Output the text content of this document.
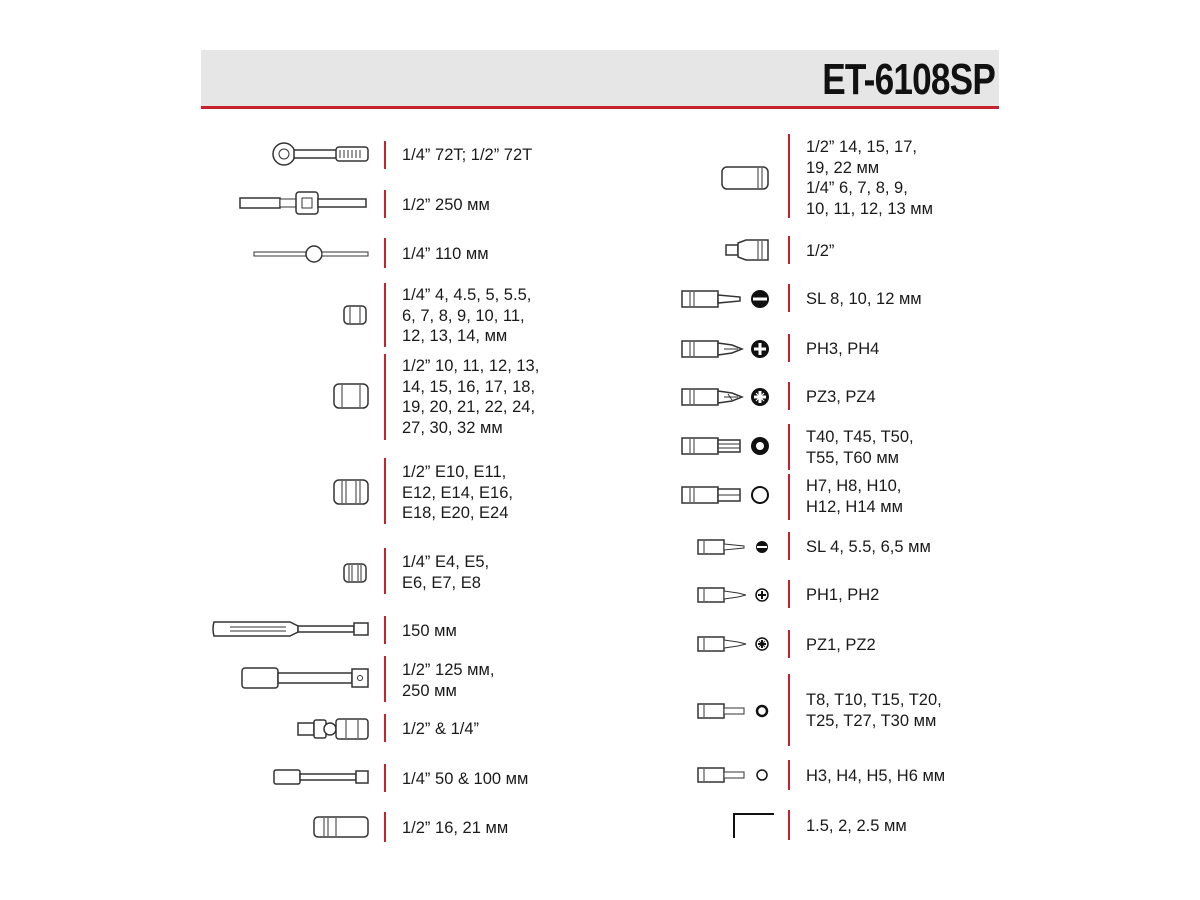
ET-6108SP
1/4” 72T; 1/2” 72T
1/2” 250 мм
1/4” 110 мм
1/4” 4, 4.5, 5, 5.5,
6, 7, 8, 9, 10, 11,
12, 13, 14, мм
1/2” 10, 11, 12, 13,
14, 15, 16, 17, 18,
19, 20, 21, 22, 24,
27, 30, 32 мм
1/2” E10, E11,
E12, E14, E16,
E18, E20, E24
1/4” E4, E5,
E6, E7, E8
150 мм
1/2” 125 мм,
250 мм
1/2” & 1/4”
1/4” 50 & 100 мм
1/2” 16, 21 мм
1/2” 14, 15, 17,
19, 22 мм
1/4” 6, 7, 8, 9,
10, 11, 12, 13 мм
1/2”
SL 8, 10, 12 мм
PH3, PH4
PZ3, PZ4
T40, T45, T50,
T55, T60 мм
H7, H8, H10,
H12, H14 мм
SL 4, 5.5, 6,5 мм
PH1, PH2
PZ1, PZ2
T8, T10, T15, T20,
T25, T27, T30 мм
H3, H4, H5, H6 мм
1.5, 2, 2.5 мм
